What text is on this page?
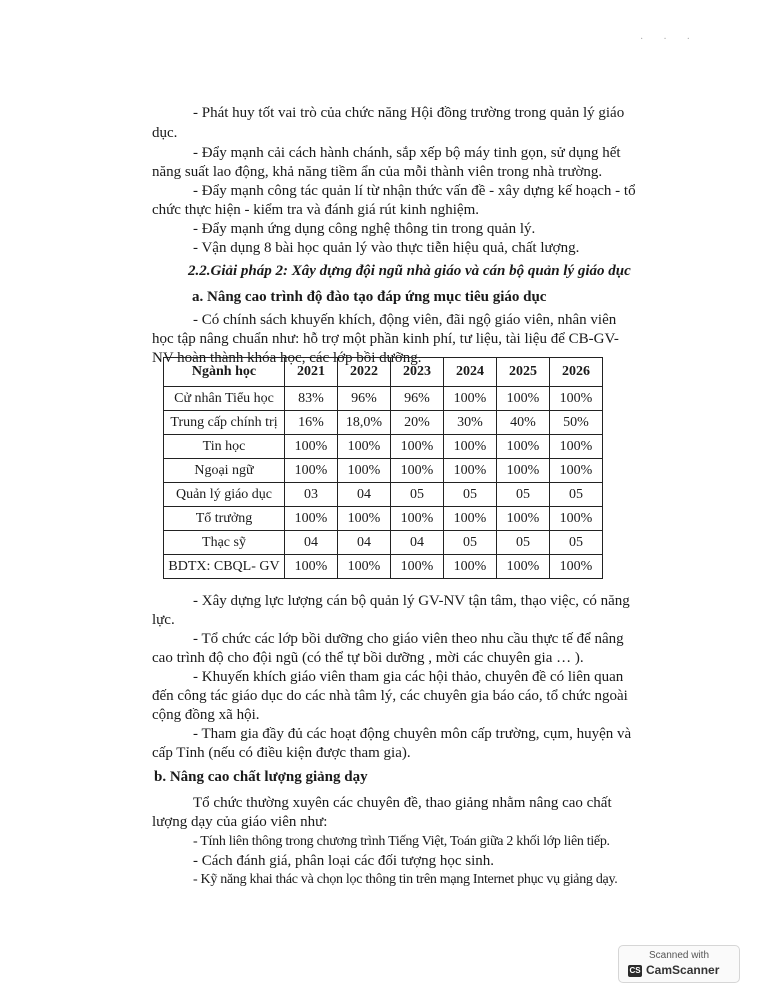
···
- Phát huy tốt vai trò của chức năng Hội đồng trường trong quản lý giáo
dục.
- Đẩy mạnh cải cách hành chánh, sắp xếp bộ máy tinh gọn, sử dụng hết
năng suất lao động, khả năng tiềm ẩn của mỗi thành viên trong nhà trường.
- Đẩy mạnh công tác quản lí từ nhận thức vấn đề - xây dựng kế hoạch - tổ
chức thực hiện - kiểm tra và đánh giá rút kinh nghiệm.
- Đẩy mạnh ứng dụng công nghệ thông tin trong quản lý.
- Vận dụng 8 bài học quản lý vào thực tiễn hiệu quả, chất lượng.
2.2.Giải pháp 2: Xây dựng đội ngũ nhà giáo và cán bộ quản lý giáo dục
a. Nâng cao trình độ đào tạo đáp ứng mục tiêu giáo dục
- Có chính sách khuyến khích, động viên, đãi ngộ giáo viên, nhân viên
học tập nâng chuẩn như: hỗ trợ một phần kinh phí, tư liệu, tài liệu để CB-GV-
NV hoàn thành khóa học, các lớp bồi dưỡng.
Ngành học	2021	2022	2023	2024	2025	2026
Cử nhân Tiểu học	83%	96%	96%	100%	100%	100%
Trung cấp chính trị	16%	18,0%	20%	30%	40%	50%
Tin học	100%	100%	100%	100%	100%	100%
Ngoại ngữ	100%	100%	100%	100%	100%	100%
Quản lý giáo dục	03	04	05	05	05	05
Tổ trưởng	100%	100%	100%	100%	100%	100%
Thạc sỹ	04	04	04	05	05	05
BDTX: CBQL- GV	100%	100%	100%	100%	100%	100%
- Xây dựng lực lượng cán bộ quản lý GV-NV tận tâm, thạo việc, có năng
lực.
- Tổ chức các lớp bồi dưỡng cho giáo viên theo nhu cầu thực tế để nâng
cao trình độ cho đội ngũ (có thể tự bồi dưỡng , mời các chuyên gia … ).
- Khuyến khích giáo viên tham gia các hội thảo, chuyên đề có liên quan
đến công tác giáo dục do các nhà tâm lý, các chuyên gia báo cáo, tổ chức ngoài
cộng đồng xã hội.
- Tham gia đầy đủ các hoạt động chuyên môn cấp trường, cụm, huyện và
cấp Tỉnh (nếu có điều kiện được tham gia).
b. Nâng cao chất lượng giảng dạy
Tổ chức thường xuyên các chuyên đề, thao giảng nhằm nâng cao chất
lượng dạy của giáo viên như:
- Tính liên thông trong chương trình Tiếng Việt, Toán giữa 2 khối lớp liên tiếp.
- Cách đánh giá, phân loại các đối tượng học sinh.
- Kỹ năng khai thác và chọn lọc thông tin trên mạng Internet phục vụ giảng dạy.
Scanned with
CS CamScanner
